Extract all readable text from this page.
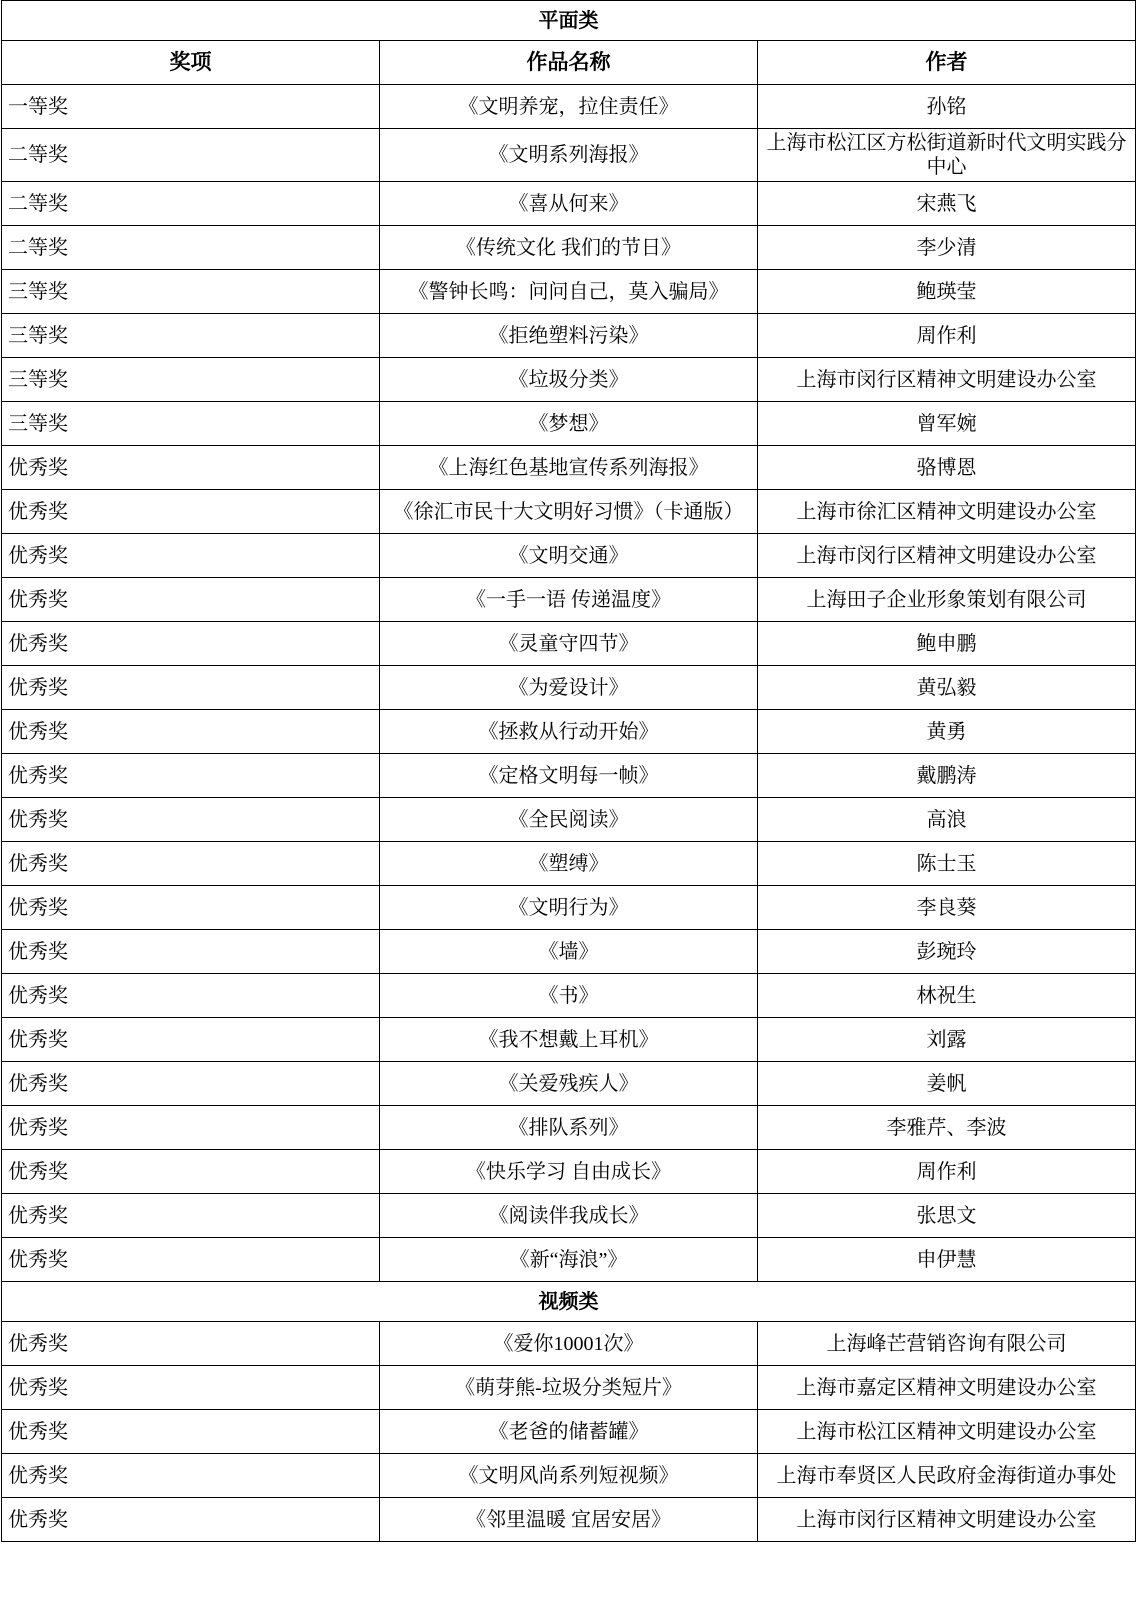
平面类		
奖项	作品名称	作者
一等奖	《文明养宠，拉住责任》	孙铭
二等奖	《文明系列海报》	上海市松江区方松街道新时代文明实践分中心
二等奖	《喜从何来》	宋燕飞
二等奖	《传统文化 我们的节日》	李少清
三等奖	《警钟长鸣：问问自己，莫入骗局》	鲍瑛莹
三等奖	《拒绝塑料污染》	周作利
三等奖	《垃圾分类》	上海市闵行区精神文明建设办公室
三等奖	《梦想》	曾军婉
优秀奖	《上海红色基地宣传系列海报》	骆博恩
优秀奖	《徐汇市民十大文明好习惯》（卡通版）	上海市徐汇区精神文明建设办公室
优秀奖	《文明交通》	上海市闵行区精神文明建设办公室
优秀奖	《一手一语 传递温度》	上海田子企业形象策划有限公司
优秀奖	《灵童守四节》	鲍申鹏
优秀奖	《为爱设计》	黄弘毅
优秀奖	《拯救从行动开始》	黄勇
优秀奖	《定格文明每一帧》	戴鹏涛
优秀奖	《全民阅读》	高浪
优秀奖	《塑缚》	陈士玉
优秀奖	《文明行为》	李良葵
优秀奖	《墙》	彭琬玲
优秀奖	《书》	林祝生
优秀奖	《我不想戴上耳机》	刘露
优秀奖	《关爱残疾人》	姜帆
优秀奖	《排队系列》	李雅芹、李波
优秀奖	《快乐学习 自由成长》	周作利
优秀奖	《阅读伴我成长》	张思文
优秀奖	《新“海浪”》	申伊慧
视频类		
优秀奖	《爱你10001次》	上海峰芒营销咨询有限公司
优秀奖	《萌芽熊-垃圾分类短片》	上海市嘉定区精神文明建设办公室
优秀奖	《老爸的储蓄罐》	上海市松江区精神文明建设办公室
优秀奖	《文明风尚系列短视频》	上海市奉贤区人民政府金海街道办事处
优秀奖	《邻里温暖 宜居安居》	上海市闵行区精神文明建设办公室
